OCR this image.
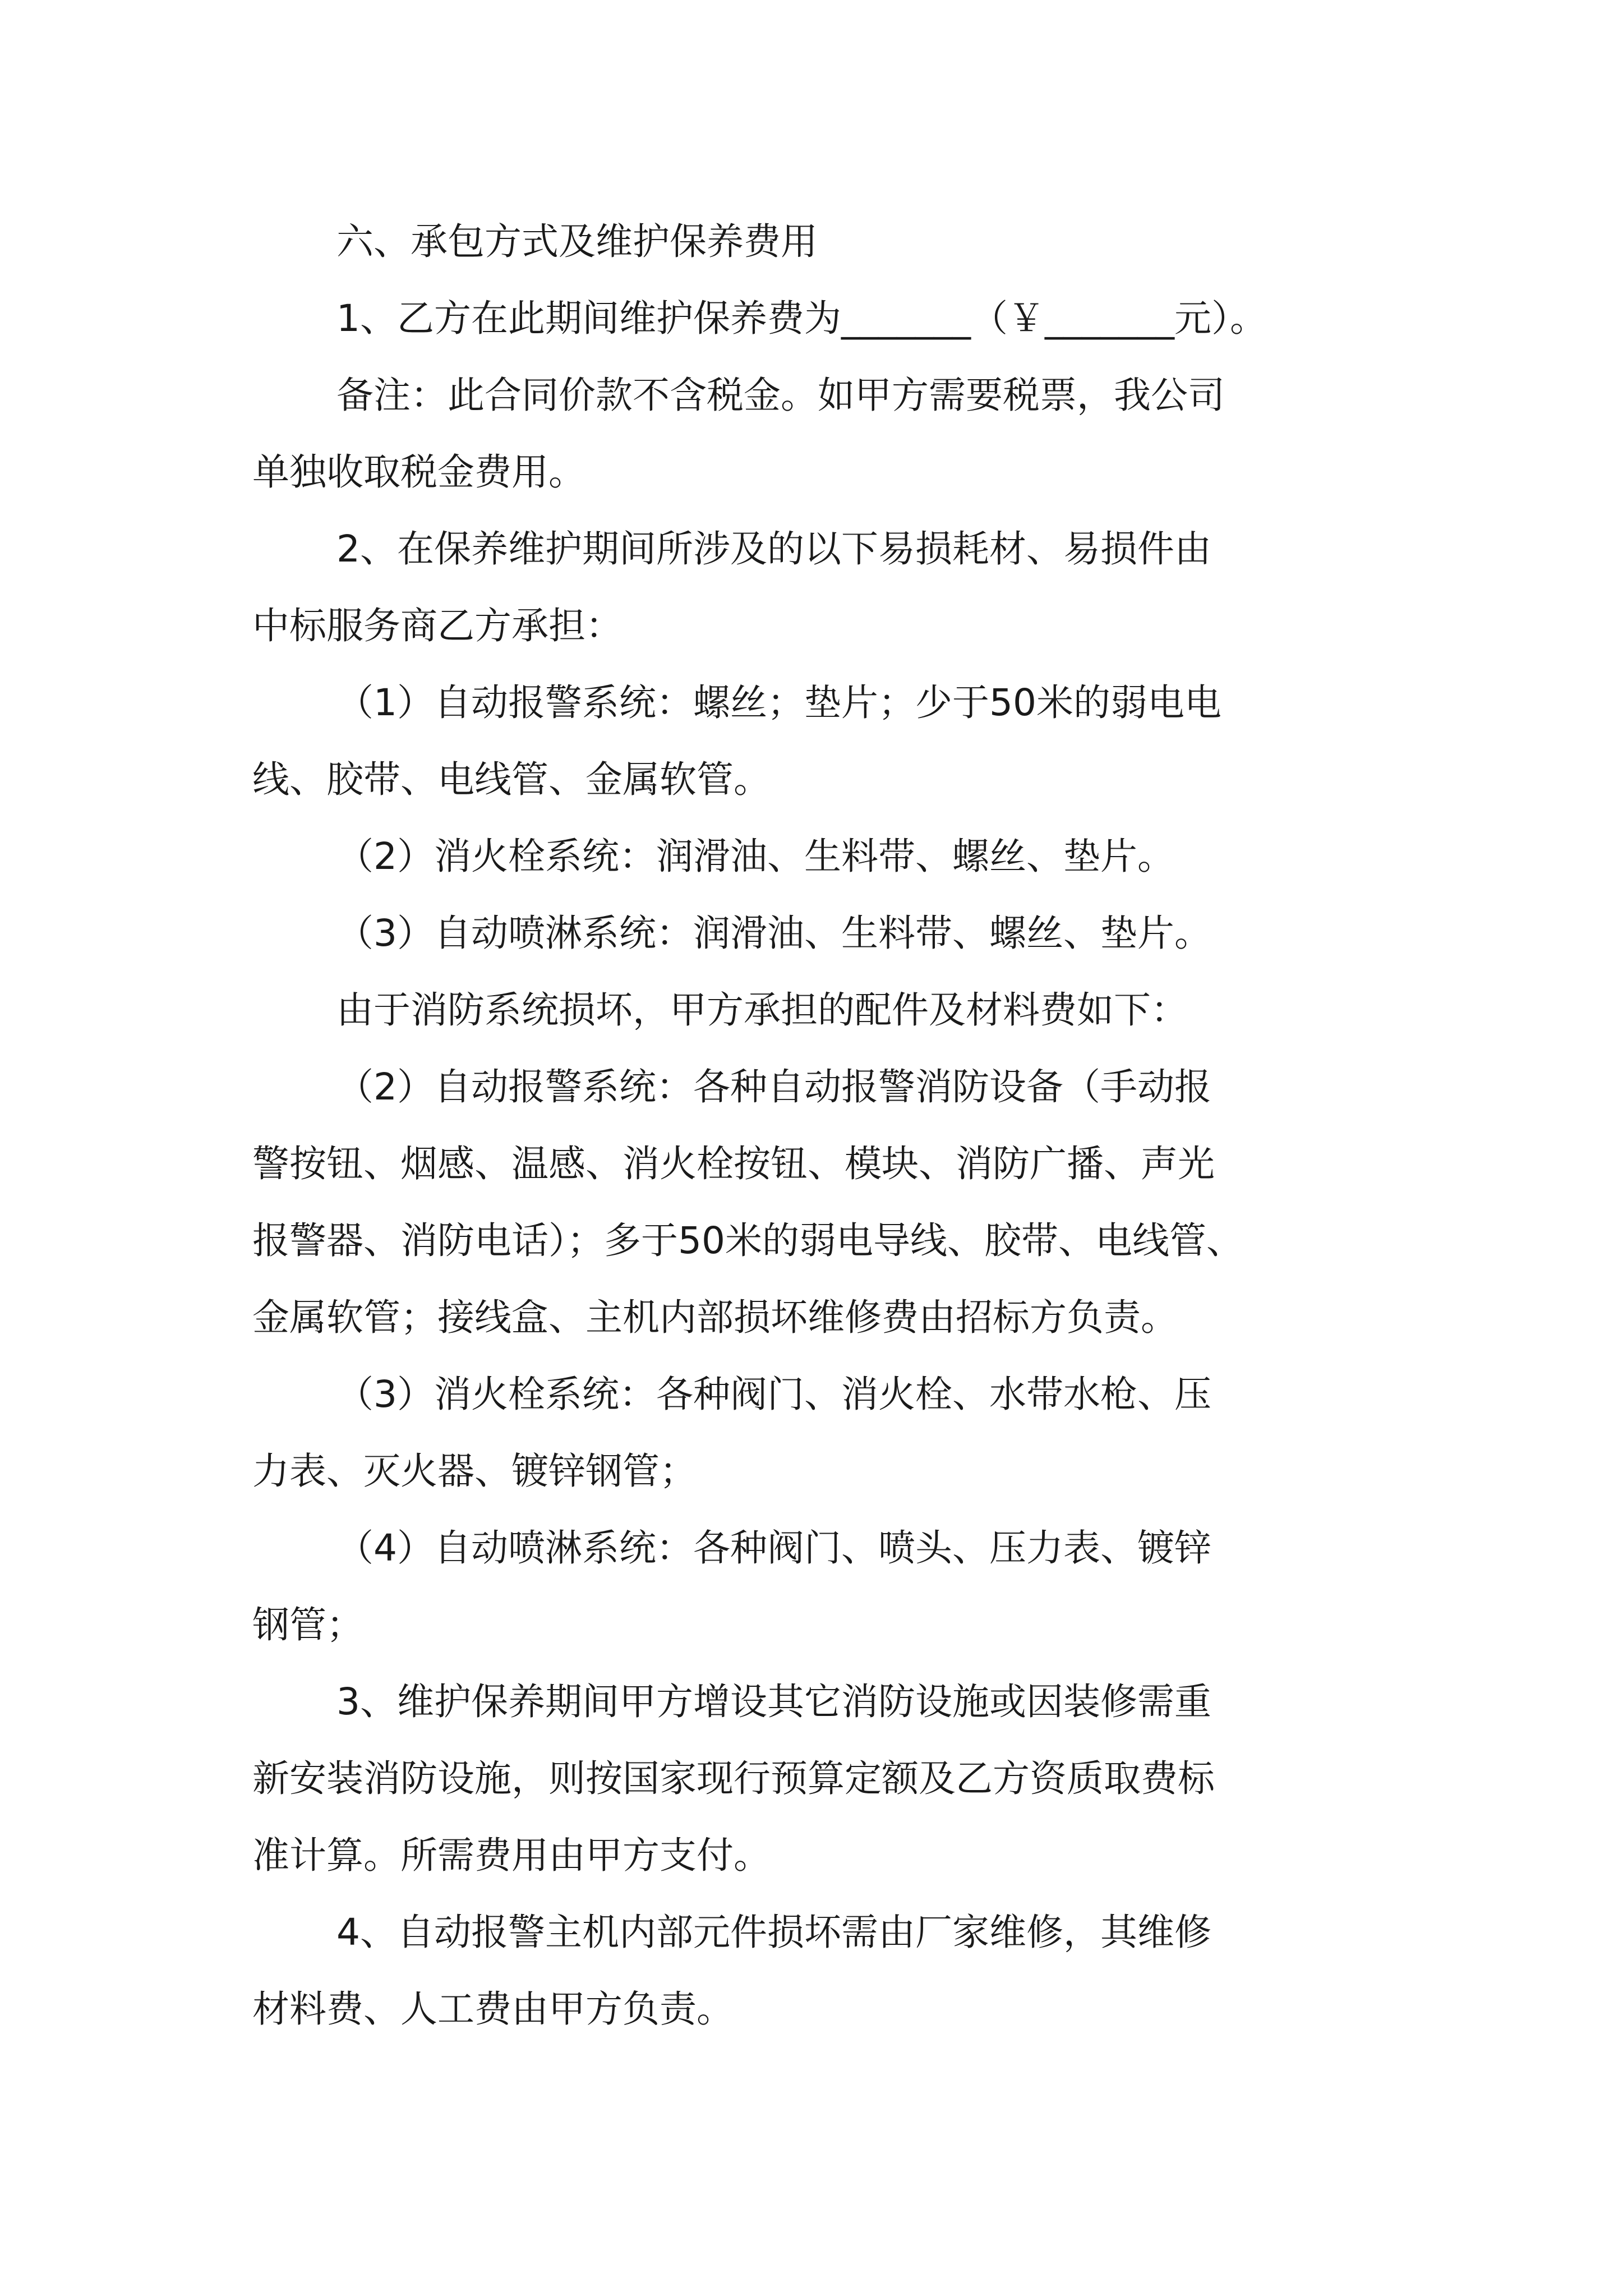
六、承包方式及维护保养费用
1、乙方在此期间维护保养费为_______（￥_______元）。
备注：此合同价款不含税金。如甲方需要税票，我公司
单独收取税金费用。
2、在保养维护期间所涉及的以下易损耗材、易损件由
中标服务商乙方承担：
（1）自动报警系统：螺丝；垫片；少于50米的弱电电
线、胶带、电线管、金属软管。
（2）消火栓系统：润滑油、生料带、螺丝、垫片。
（3）自动喷淋系统：润滑油、生料带、螺丝、垫片。
由于消防系统损坏，甲方承担的配件及材料费如下：
（2）自动报警系统：各种自动报警消防设备（手动报
警按钮、烟感、温感、消火栓按钮、模块、消防广播、声光
报警器、消防电话）；多于50米的弱电导线、胶带、电线管、
金属软管；接线盒、主机内部损坏维修费由招标方负责。
（3）消火栓系统：各种阀门、消火栓、水带水枪、压
力表、灭火器、镀锌钢管；
（4）自动喷淋系统：各种阀门、喷头、压力表、镀锌
钢管；
3、维护保养期间甲方增设其它消防设施或因装修需重
新安装消防设施，则按国家现行预算定额及乙方资质取费标
准计算。所需费用由甲方支付。
4、自动报警主机内部元件损坏需由厂家维修，其维修
材料费、人工费由甲方负责。
